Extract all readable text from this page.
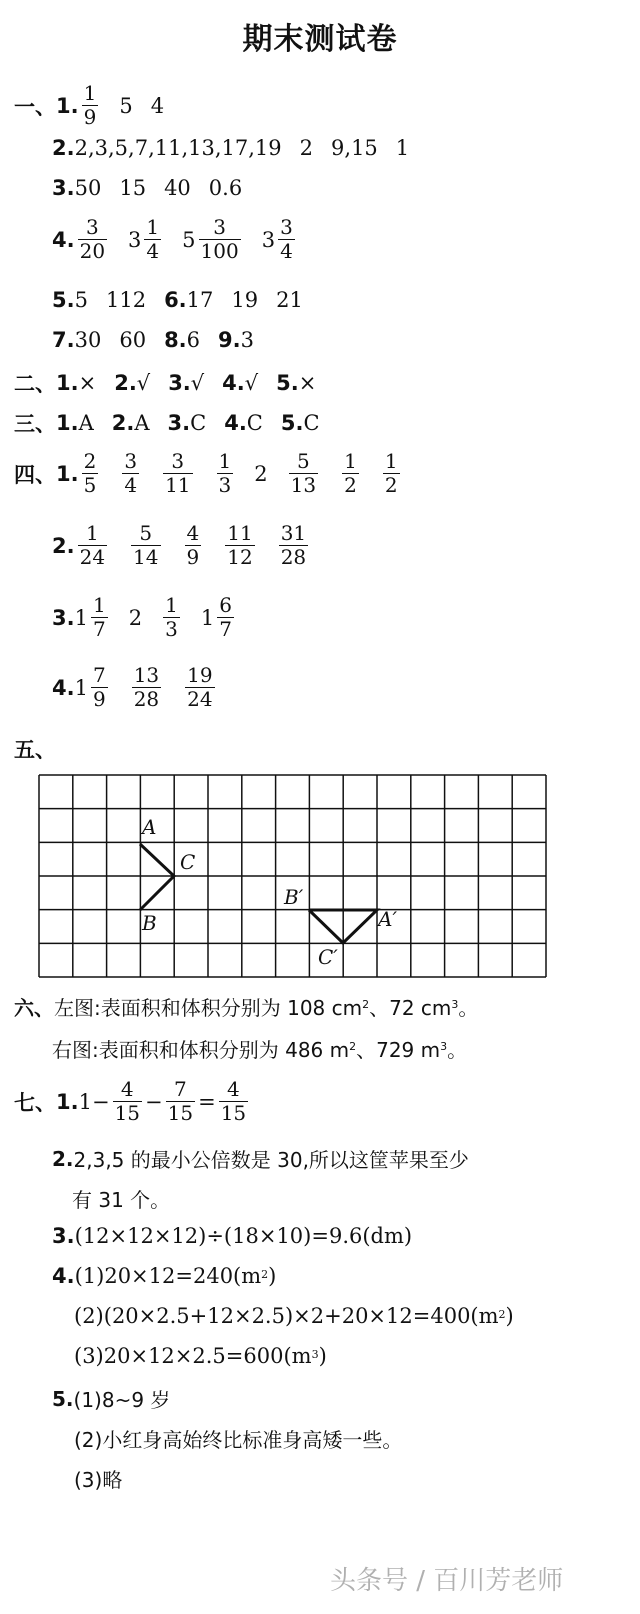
期末测试卷
一、 1. $\frac{1}{9} 5$ 4
2. 2,3,5,7,11,13,17,19 2 9,15 1
3. 50 15 40 0.6
4. $\frac{3}{20} 3 \frac{1}{4} 5 \frac{3}{100} 3 \frac{3}{4}$
5. 5 112 6. 17 19 21
7. 30 60 8. 6 9. 3
二、 1. × 2. √ 3. √ 4. √ 5. ×
三、 1. A 2. A 3. C 4. C 5. C
四、 1. $\frac{2}{5} \frac{3}{4} \frac{3}{11} \frac{1}{3} 2 \frac{5}{13} \frac{1}{2} \frac{1}{2}$
2. $\frac{1}{24} \frac{5}{14} \frac{4}{9} \frac{11}{12} \frac{31}{28}$
3. $1 \frac{1}{7} 2 \frac{1}{3} 1 \frac{6}{7}$
4. $1 \frac{7}{9} \frac{13}{28} \frac{19}{24}$
五、
A
C
B
B′
A′
C′
六、 左图:表面积和体积分别为 108 $cm^2$ 、72 $cm^3$ 。
右图:表面积和体积分别为 486 $m^2$ 、729 $m^3$ 。
七、 1. $1- \frac{4}{15} - \frac{7}{15} = \frac{4}{15}$
2. 2,3,5 的最小公倍数是 30,所以这筐苹果至少
有 31 个。
3. (12×12×12)÷(18×10)=9.6(dm)
4. $(1)20\times 12=240(m^2$ )
$(2)(20\times 2.5+12\times 2.5)\times 2+20\times 12=400(m^2$ )
$(3)20\times 12\times 2.5=600(m^3$ )
5. (1)8~9 岁
(2)小红身高始终比标准身高矮一些。
(3)略
头条号 / 百川芳老师
